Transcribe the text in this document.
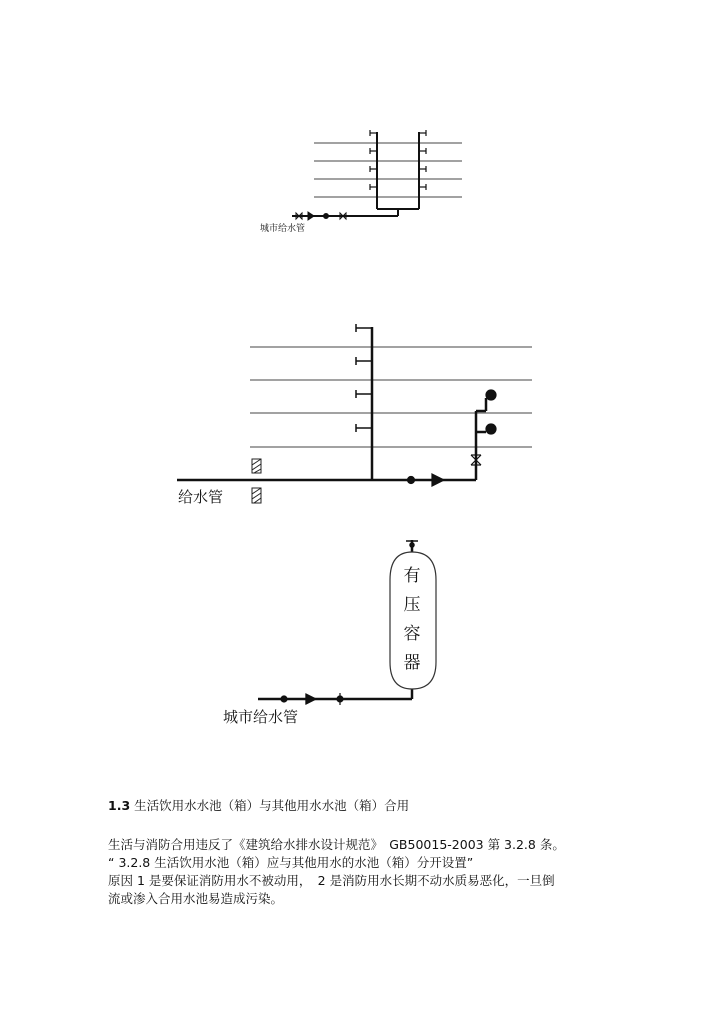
城市给水管
给水管
有
压
容
器
城市给水管
1.3 生活饮用水水池（箱）与其他用水水池（箱）合用
生活与消防合用违反了《建筑给水排水设计规范》　GB50015-2003 第 3.2.8 条。
“ 3.2.8 生活饮用水池（箱）应与其他用水的水池（箱）分开设置”
原因 1 是要保证消防用水不被动用，　2 是消防用水长期不动水质易恶化，一旦倒
流或渗入合用水池易造成污染。
